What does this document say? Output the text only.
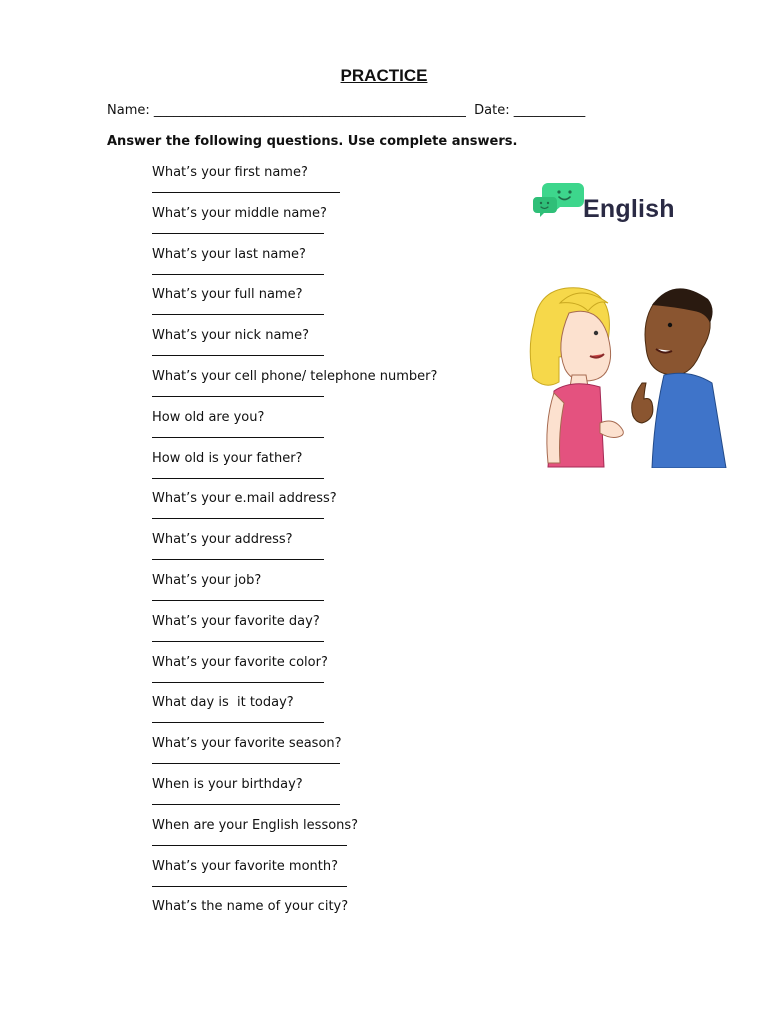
PRACTICE
Name: ________________________________________________  Date: ___________
Answer the following questions. Use complete answers.
What’s your first name?
What’s your middle name?
What’s your last name?
What’s your full name?
What’s your nick name?
What’s your cell phone/ telephone number?
How old are you?
How old is your father?
What’s your e.mail address?
What’s your address?
What’s your job?
What’s your favorite day?
What’s your favorite color?
What day is  it today?
What’s your favorite season?
When is your birthday?
When are your English lessons?
What’s your favorite month?
What’s the name of your city?
English
